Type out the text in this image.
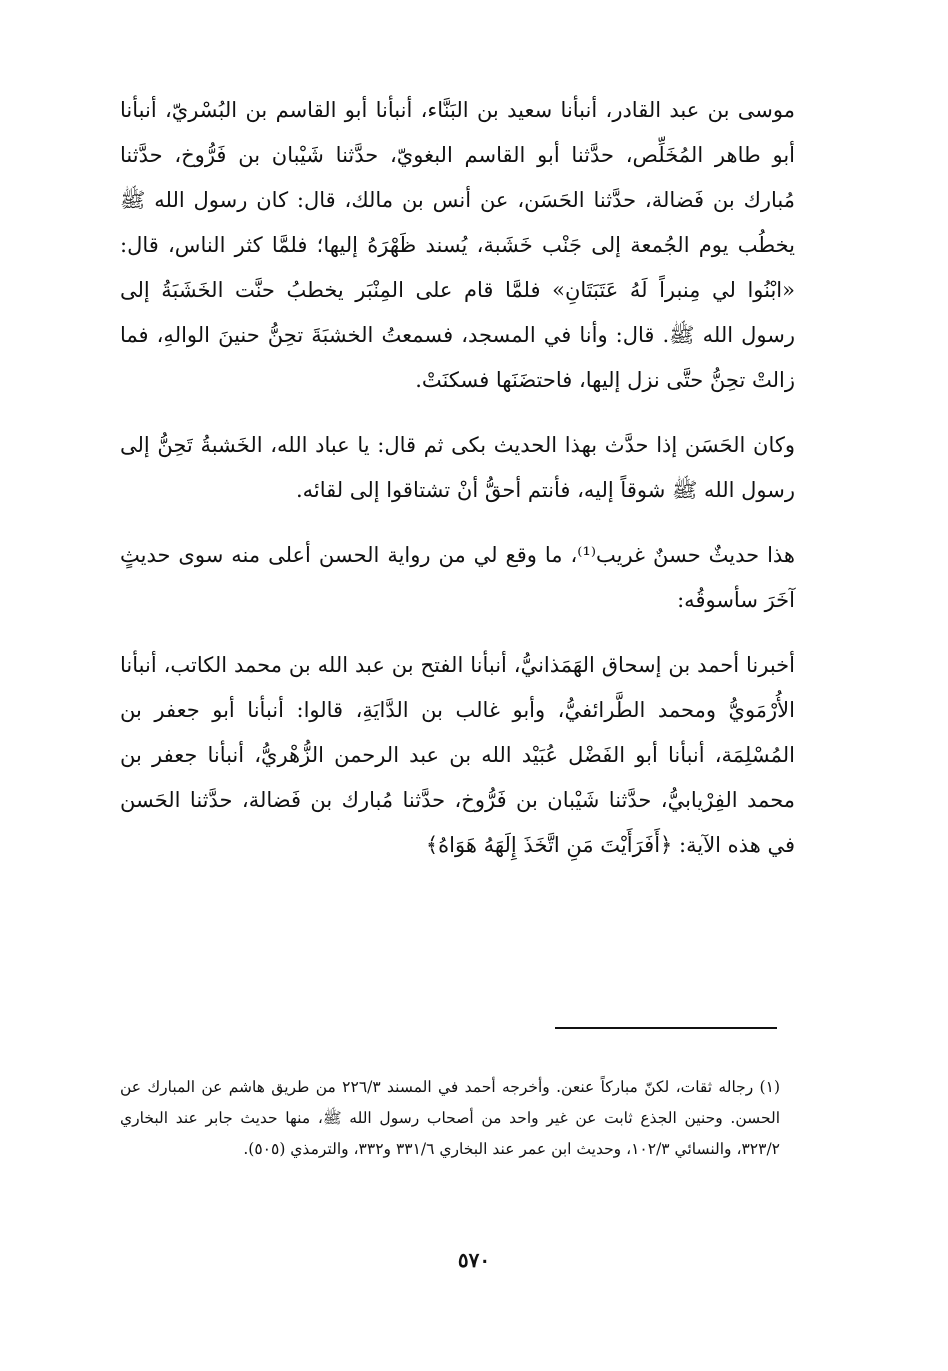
موسى بن عبد القادر، أنبأنا سعيد بن البَنَّاء، أنبأنا أبو القاسم بن البُسْريّ، أنبأنا أبو طاهر المُخَلِّص، حدَّثنا أبو القاسم البغويّ، حدَّثنا شَيْبان بن فَرُّوخ، حدَّثنا مُبارك بن فَضالة، حدَّثنا الحَسَن، عن أنس بن مالك، قال: كان رسول الله ﷺ يخطُب يوم الجُمعة إلى جَنْب خَشَبة، يُسند ظَهْرَهُ إليها؛ فلمَّا كثر الناس، قال: «ابْنُوا لي مِنبراً لَهُ عَتَبَتَانِ» فلمَّا قام على المِنْبَر يخطبُ حنَّت الخَشَبَةُ إلى رسول الله ﷺ. قال: وأنا في المسجد، فسمعتُ الخشبَةَ تحِنُّ حنينَ الوالهِ، فما زالتْ تحِنُّ حتَّى نزل إليها، فاحتضَنَها فسكنَتْ.

وكان الحَسَن إذا حدَّث بهذا الحديث بكى ثم قال: يا عباد الله، الخَشبةُ تَحِنُّ إلى رسول الله ﷺ شوقاً إليه، فأنتم أحقُّ أنْ تشتاقوا إلى لقائه.

هذا حديثٌ حسنٌ غريب⁽¹⁾، ما وقع لي من رواية الحسن أعلى منه سوى حديثٍ آخَرَ سأسوقُه:

أخبرنا أحمد بن إسحاق الهَمَذانيُّ، أنبأنا الفتح بن عبد الله بن محمد الكاتب، أنبأنا الأُرْمَويُّ ومحمد الطَّرائفيُّ، وأبو غالب بن الدَّايَةِ، قالوا: أنبأنا أبو جعفر بن المُسْلِمَة، أنبأنا أبو الفَضْل عُبَيْد الله بن عبد الرحمن الزُّهْريُّ، أنبأنا جعفر بن محمد الفِرْيابيُّ، حدَّثنا شَيْبان بن فَرُّوخ، حدَّثنا مُبارك بن فَضالة، حدَّثنا الحَسن في هذه الآية: ﴿أَفَرَأَيْتَ مَنِ اتَّخَذَ إِلَهَهُ هَوَاهُ﴾

(١) رجاله ثقات، لكنّ مباركاً عنعن. وأخرجه أحمد في المسند ٢٢٦/٣ من طريق هاشم عن المبارك عن الحسن. وحنين الجذع ثابت عن غير واحد من أصحاب رسول الله ﷺ، منها حديث جابر عند البخاري ٣٢٣/٢، والنسائي ١٠٢/٣، وحديث ابن عمر عند البخاري ٣٣١/٦ و٣٣٢، والترمذي (٥٠٥).

٥٧٠
